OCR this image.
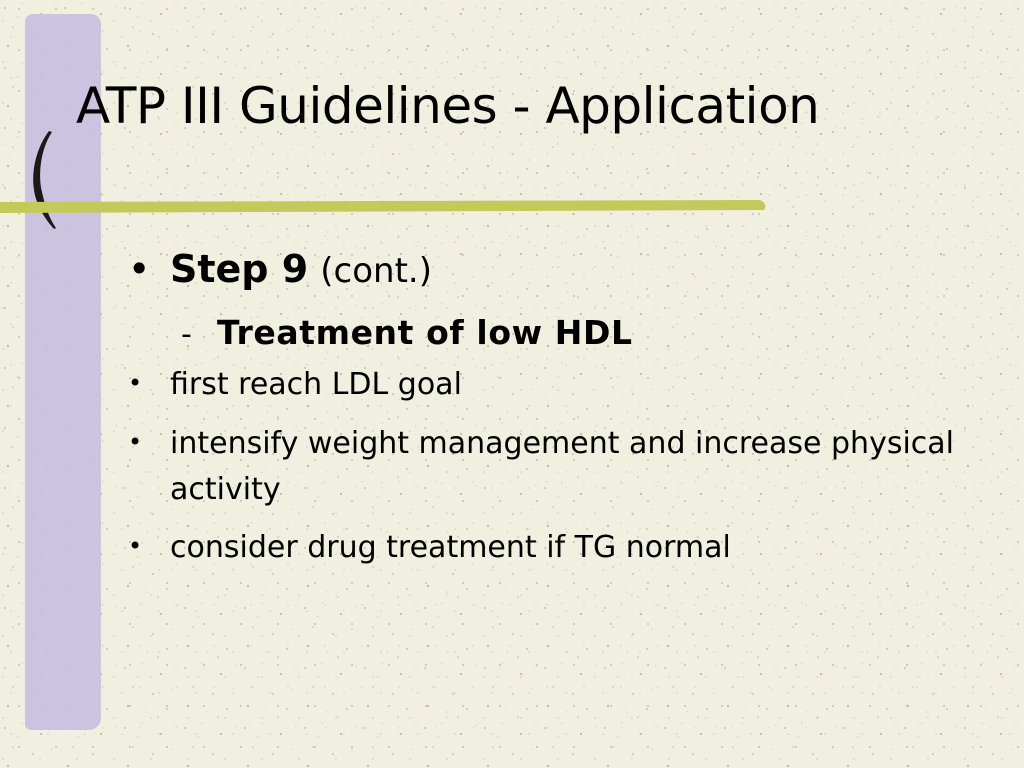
ATP III Guidelines - Application
• Step 9 (cont.)
- Treatment of low HDL
• first reach LDL goal
• intensify weight management and increase physical activity
• consider drug treatment if TG normal
